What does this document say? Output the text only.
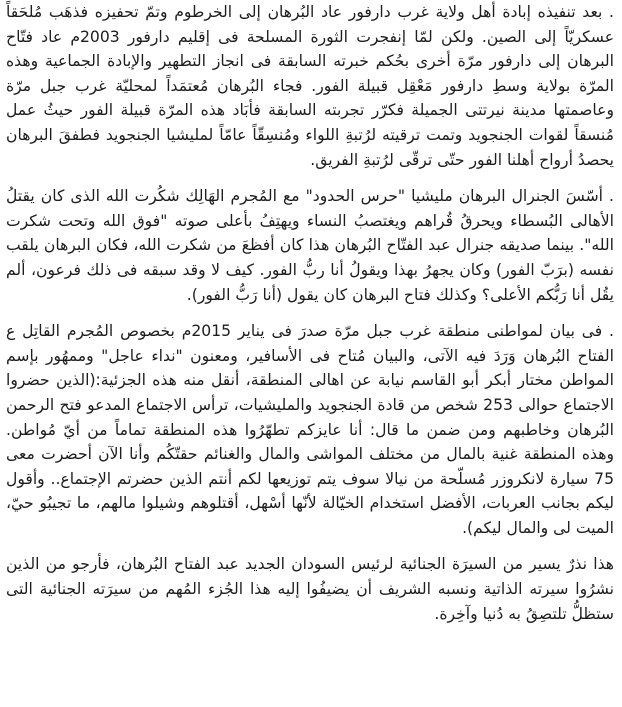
. بعد تنفيذه إبادة أهل ولاية غرب دارفور عاد البُرهان إلى الخرطوم وتمّ تحفيزه فذهَب مُلحَقاً عسكريّاً إلى الصين. ولكن لمّا إنفجرت الثورة المسلحة فى إقليم دارفور 2003م عاد فتّاح البرهان إلى دارفور مرّة أخرى بحُكم خبرته السابقة فى انجاز التطهير والإبادة الجماعية وهذه المرّة بولاية وسطِ دارفور مَعْقِل قبيلة الفور. فجاء البُرهان مُعتمَداً لمحليّة غرب جبل مرّة وعاصمتها مدينة نيرتتى الجميلة فكرّر تجربته السابقة فأبَاد هذه المرّة قبيلة الفور حيثُ عمل مُنسقاً لقوات الجنجويد وتمت ترقيته لرُتبةِ اللواء ومُنسِقّاً عامّاً لمليشيا الجنجويد فطفقَ البرهان يحصدُ أرواح أهلنا الفور حتّى ترقّى لرُتبةِ الفريق.

. أسّسَ الجنرال البرهان مليشيا "حرس الحدود" مع المُجرم الهَالِك شكُرت الله الذى كان يقتلُ الأهالى البُسطاء ويحرقُ قُراهم ويغتصبُ النساء ويهتِفُ بأعلى صوته "فوق الله وتحت شكرت الله". بينما صديقه جنرال عبد الفتّاح البُرهان هذا كان أفظعَ من شكرت الله، فكان البرهان يلقب نفسه (برَبّ الفور) وكان يجهرُ بهذا ويقولُ أنا ربُّ الفور. كيف لا وقد سبقه فى ذلك فرعون، ألم يقُل أنا رَبُّكم الأعلى؟ وكذلك فتاح البرهان كان يقول (أنا رَبُّ الفور).

. فى بيان لمواطنى منطقة غرب جبل مرّة صدرَ فى يناير 2015م بخصوص المُجرم القاتِل ع الفتاح البُرهان وَرَدَ فيه الآتى، والبيان مُتاح فى الأسافير، ومعنون "نداء عاجل" وممهُور بإسم المواطن مختار أبكر أبو القاسم نيابة عن اهالى المنطقة، أنقل منه هذه الجزئية:(الذين حضروا الاجتماع حوالى 253 شخص من قادة الجنجويد والمليشيات، ترأس الاجتماع المدعو فتح الرحمن البُرهان وخاطبهم ومن ضمن ما قال: أنا عايزكم تطهّرُوا هذه المنطقة تماماً من أيّ مُواطن. وهذه المنطقة غنية بالمال من مختلف المواشى والمال والغنائم حقتّكُم وأنا الآن أحضرت معى 75 سيارة لانكروزر مُسلّحة من نيالا سوف يتم توزيعها لكم أنتم الذين حضرتم الإجتماع.. وأقول ليكم بجانب العربات، الأفضل استخدام الخيّالة لأنّها أسْهل، أقتلوهم وشيلوا مالهم، ما تجيبُو حيّ، الميت لى والمال ليكم).

هذا نذرٌ يسير من السيرَة الجنائية لرئيس السودان الجديد عبد الفتاح البُرهان، فأرجو من الذين نشرُوا سيرته الذاتية ونسبه الشريف أن يضيفُوا إليه هذا الجُزء المُهم من سيرَته الجنائية التى ستظلُّ تلتصِقُ به دُنيا وآخِرة.
